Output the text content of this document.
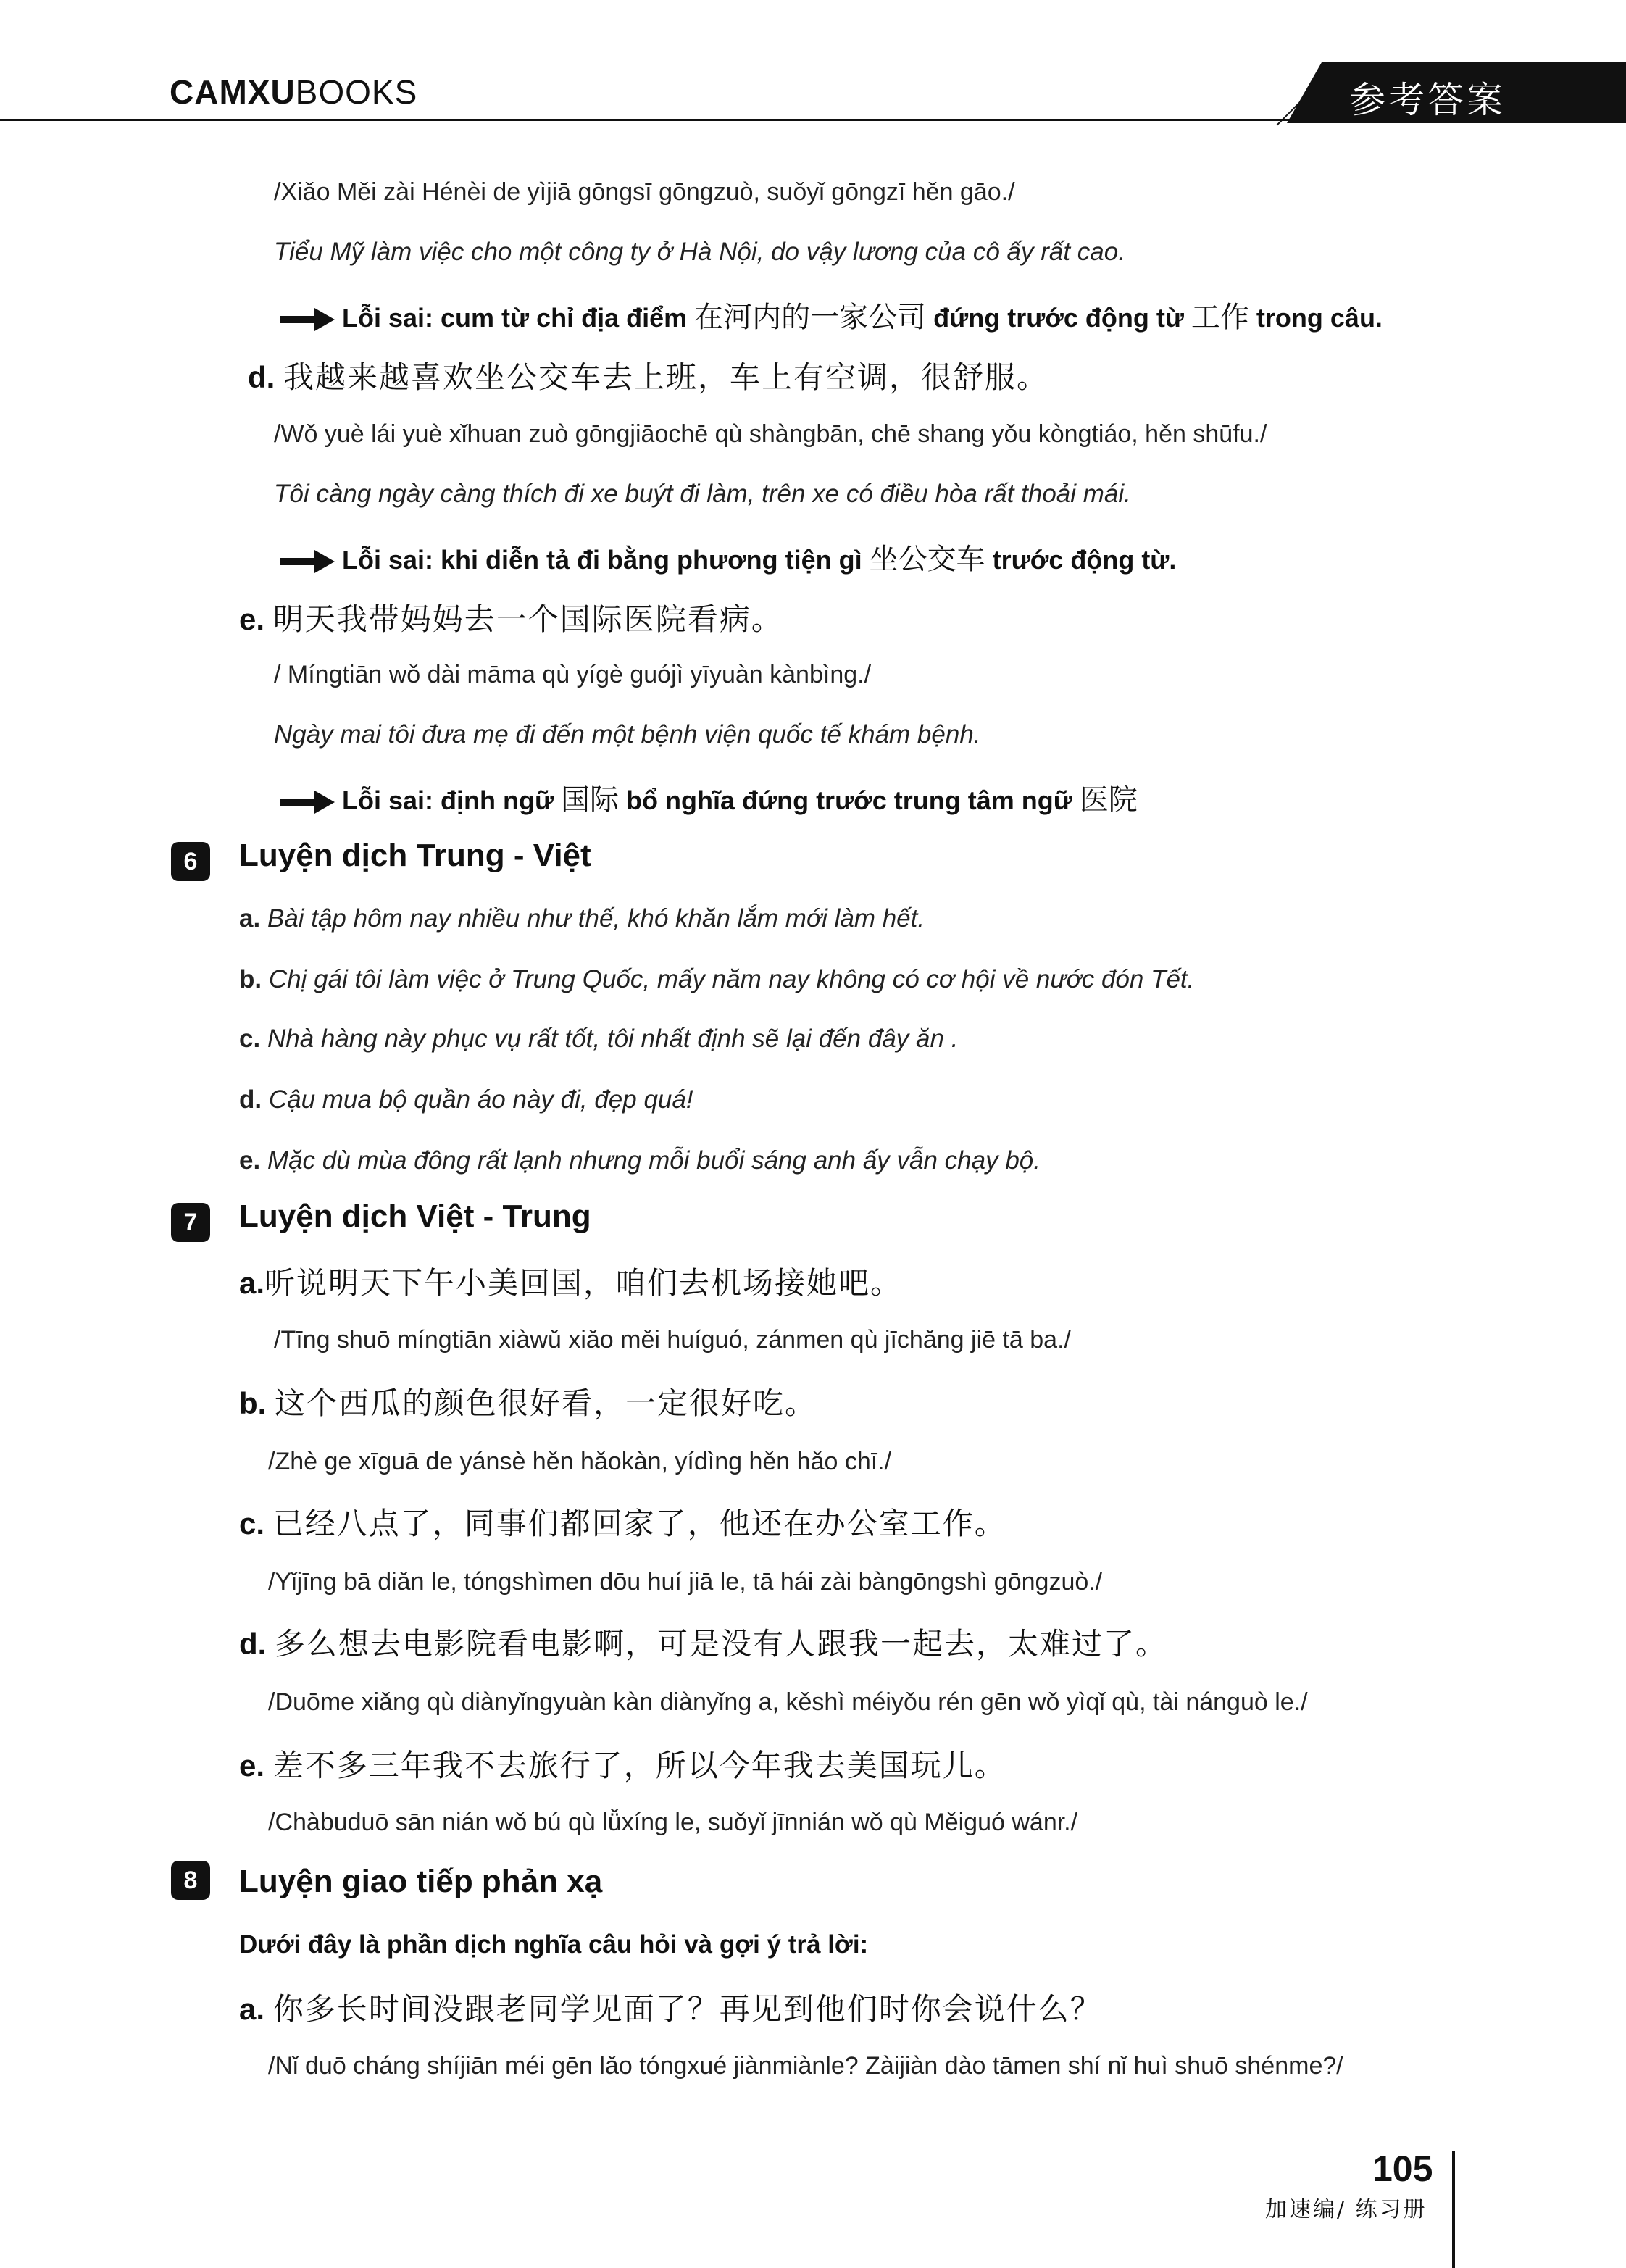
CAMXUBOOKS	参考答案
/Xiǎo Měi zài Hénèi de yìjiā gōngsī gōngzuò, suǒyǐ gōngzī hěn gāo./
Tiểu Mỹ làm việc cho một công ty ở Hà Nội, do vậy lương của cô ấy rất cao.
Lỗi sai: cum từ chỉ địa điểm 在河内的一家公司 đứng trước động từ 工作 trong câu.
d. 我越来越喜欢坐公交车去上班，车上有空调，很舒服。
/Wǒ yuè lái yuè xǐhuan zuò gōngjiāochē qù shàngbān, chē shang yǒu kòngtiáo, hěn shūfu./
Tôi càng ngày càng thích đi xe buýt đi làm, trên xe có điều hòa rất thoải mái.
Lỗi sai: khi diễn tả đi bằng phương tiện gì 坐公交车 trước động từ.
e. 明天我带妈妈去一个国际医院看病。
/ Míngtiān wǒ dài māma qù yígè guójì yīyuàn kànbìng./
Ngày mai tôi đưa mẹ đi đến một bệnh viện quốc tế khám bệnh.
Lỗi sai: định ngữ 国际 bổ nghĩa đứng trước trung tâm ngữ 医院
6	Luyện dịch Trung - Việt
a. Bài tập hôm nay nhiều như thế, khó khăn lắm mới làm hết.
b. Chị gái tôi làm việc ở Trung Quốc, mấy năm nay không có cơ hội về nước đón Tết.
c. Nhà hàng này phục vụ rất tốt, tôi nhất định sẽ lại đến đây ăn .
d. Cậu mua bộ quần áo này đi, đẹp quá!
e. Mặc dù mùa đông rất lạnh nhưng mỗi buổi sáng anh ấy vẫn chạy bộ.
7	Luyện dịch Việt - Trung
a.听说明天下午小美回国，咱们去机场接她吧。
/Tīng shuō míngtiān xiàwǔ xiǎo měi huíguó, zánmen qù jīchǎng jiē tā ba./
b. 这个西瓜的颜色很好看，一定很好吃。
/Zhè ge xīguā de yánsè hěn hǎokàn, yídìng hěn hǎo chī./
c. 已经八点了，同事们都回家了，他还在办公室工作。
/Yǐjīng bā diǎn le, tóngshìmen dōu huí jiā le, tā hái zài bàngōngshì gōngzuò./
d. 多么想去电影院看电影啊，可是没有人跟我一起去，太难过了。
/Duōme xiǎng qù diànyǐngyuàn kàn diànyǐng a, kěshì méiyǒu rén gēn wǒ yìqǐ qù, tài nánguò le./
e. 差不多三年我不去旅行了，所以今年我去美国玩儿。
/Chàbuduō sān nián wǒ bú qù lǚxíng le, suǒyǐ jīnnián wǒ qù Měiguó wánr./
8	Luyện giao tiếp phản xạ
Dưới đây là phần dịch nghĩa câu hỏi và gợi ý trả lời:
a. 你多长时间没跟老同学见面了？再见到他们时你会说什么？
/Nǐ duō cháng shíjiān méi gēn lǎo tóngxué jiànmiànle? Zàijiàn dào tāmen shí nǐ huì shuō shénme?/
105
加速编/ 练习册
